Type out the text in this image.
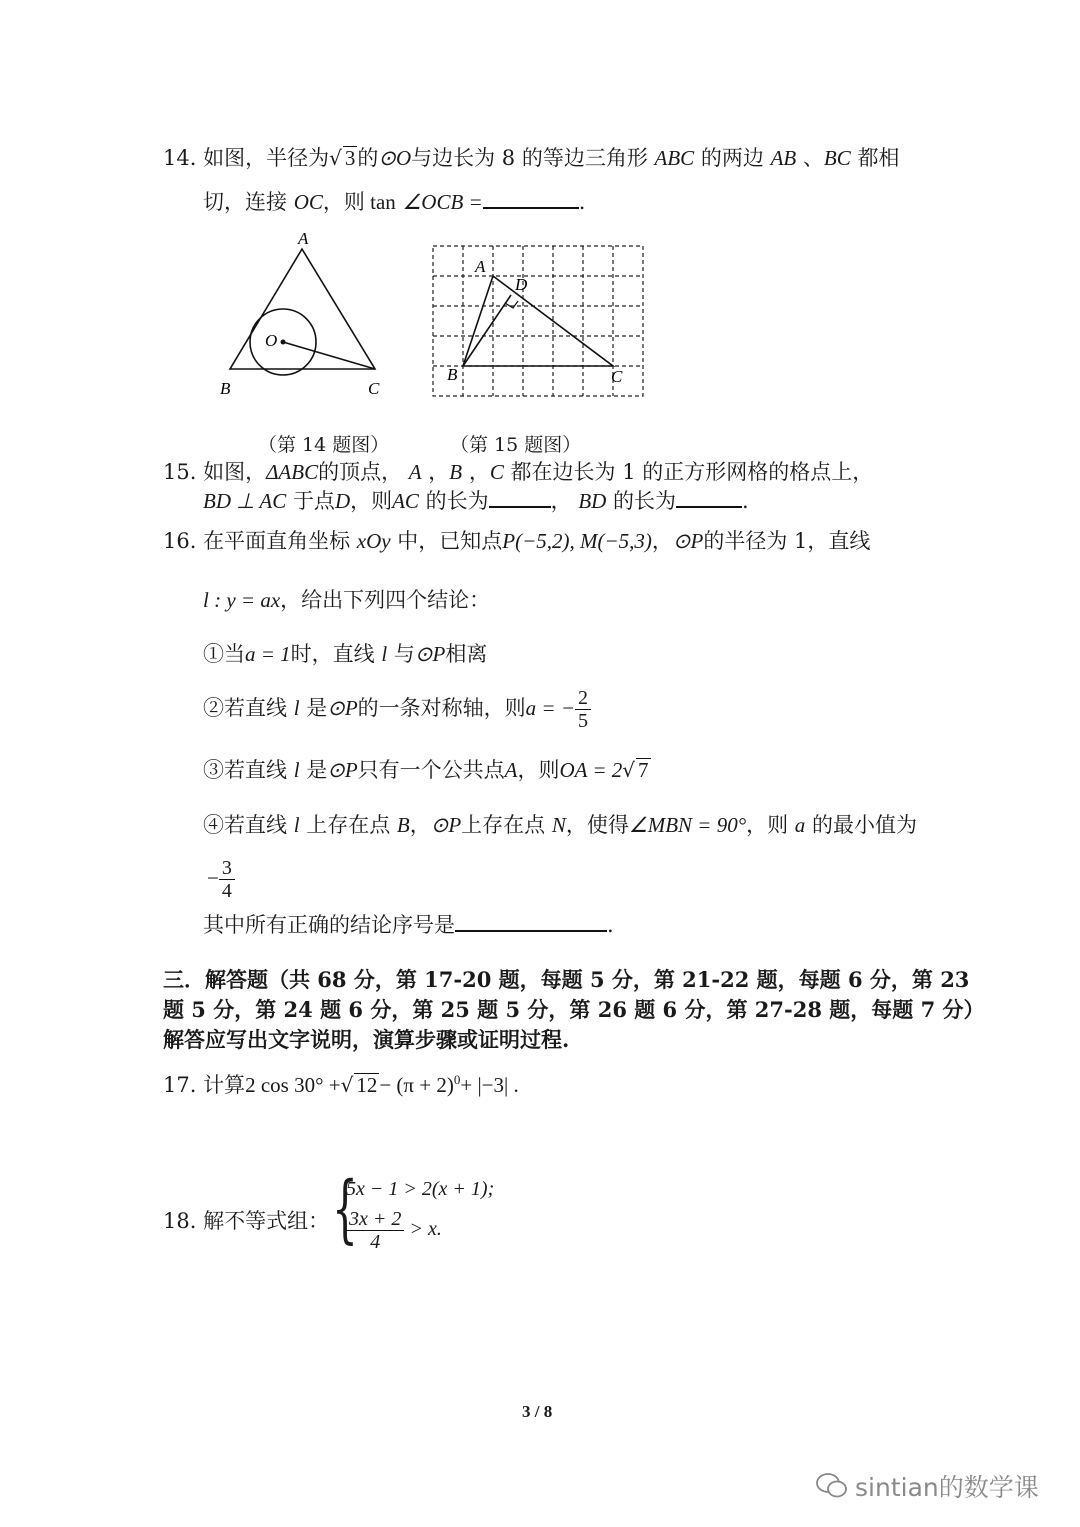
14. 如图，半径为√ 3的⊙O与边长为 8 的等边三角形 ABC 的两边 AB 、BC 都相
切，连接 OC，则 tan ∠OCB =	.
A
B	C
O
A
D
B	C
（第 14 题图）	（第 15 题图）
15. 如图，ΔABC的顶点， A ，B ，C 都在边长为 1 的正方形网格的格点上，
BD ⊥ AC 于点D，则AC 的长为	， BD 的长为	.
16. 在平面直角坐标 xOy 中，已知点P(−5,2), M(−5,3)，⊙P的半径为 1，直线
l : y = ax，给出下列四个结论：
①当a = 1时，直线 l 与⊙P相离
②若直线 l 是⊙P的一条对称轴，则a = − $\frac{2}{5}$
③若直线 l 是⊙P只有一个公共点A，则OA = 2√ 7
④若直线 l 上存在点 B，⊙P上存在点 N，使得∠MBN = 90°，则 a 的最小值为
− $\frac{3}{4}$
其中所有正确的结论序号是	.
三．解答题（共 68 分，第 17-20 题，每题 5 分，第 21-22 题，每题 6 分，第 23
题 5 分，第 24 题 6 分，第 25 题 5 分，第 26 题 6 分，第 27-28 题，每题 7 分）
解答应写出文字说明，演算步骤或证明过程.
17. 计算2 cos 30° +√ $12- (\pi + 2)^0+ |-3|$ .
18. 解不等式组： {
5x − 1 > 2(x + 1);
$\frac{3x + 2}{4} > x$.
3 / 8
sintian的数学课
